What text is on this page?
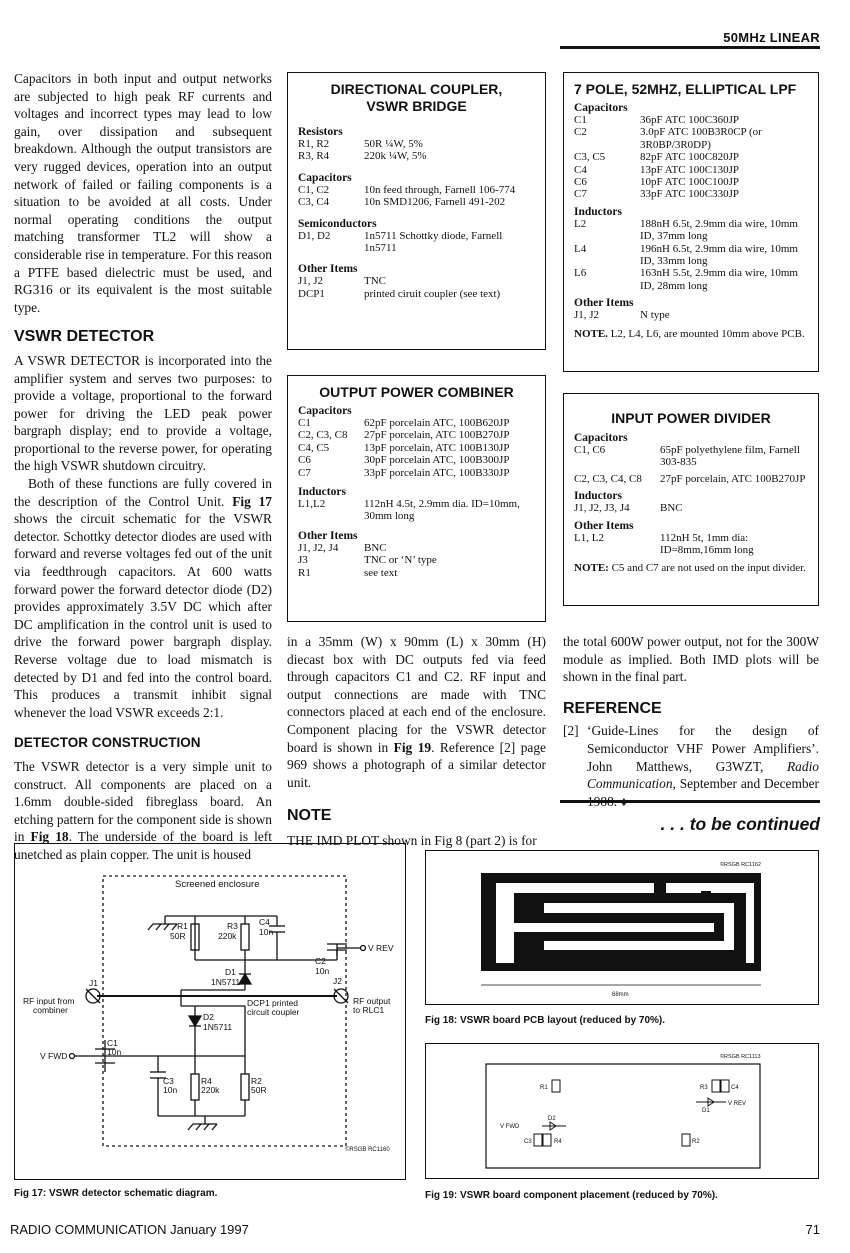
50MHz LINEAR

Capacitors in both input and output networks are subjected to high peak RF currents and voltages and incorrect types may lead to low gain, over dissipation and subsequent breakdown. Although the output transistors are very rugged devices, operation into an output network of failed or failing components is a situation to be avoided at all costs. Under normal operating conditions the output matching transformer TL2 will show a considerable rise in temperature. For this reason a PTFE based dielectric must be used, and RG316 or its equivalent is the most suitable type.

VSWR DETECTOR

A VSWR DETECTOR is incorporated into the amplifier system and serves two purposes: to provide a voltage, proportional to the forward power for driving the LED peak power bargraph display; end to provide a voltage, proportional to the reverse power, for operating the high VSWR shutdown circuitry.

Both of these functions are fully covered in the description of the Control Unit. Fig 17 shows the circuit schematic for the VSWR detector. Schottky detector diodes are used with forward and reverse voltages fed out of the unit via feedthrough capacitors. At 600 watts forward power the forward detector diode (D2) provides approximately 3.5V DC which after DC amplification in the control unit is used to drive the forward power bargraph display. Reverse voltage due to load mismatch is detected by D1 and fed into the control board. This produces a transmit inhibit signal whenever the load VSWR exceeds 2:1.

DETECTOR CONSTRUCTION

The VSWR detector is a very simple unit to construct. All components are placed on a 1.6mm double-sided fibreglass board. An etching pattern for the component side is shown in Fig 18. The underside of the board is left unetched as plain copper. The unit is housed

DIRECTIONAL COUPLER,
VSWR BRIDGE
Resistors
R1, R2	50R ¼W, 5%
R3, R4	220k ¼W, 5%
Capacitors
C1, C2	10n feed through, Farnell 106-774
C3, C4	10n SMD1206, Farnell 491-202
Semiconductors
D1, D2	1n5711 Schottky diode, Farnell 1n5711
Other Items
J1, J2	TNC
DCP1	printed ciruit coupler (see text)
7 POLE, 52MHZ, ELLIPTICAL LPF
Capacitors
C1	36pF ATC 100C360JP
C2	3.0pF ATC 100B3R0CP (or 3R0BP/3R0DP)
C3, C5	82pF ATC 100C820JP
C4	13pF ATC 100C130JP
C6	10pF ATC 100C100JP
C7	33pF ATC 100C330JP
Inductors
L2	188nH 6.5t, 2.9mm dia wire, 10mm ID, 37mm long
L4	196nH 6.5t, 2.9mm dia wire, 10mm ID, 33mm long
L6	163nH 5.5t, 2.9mm dia wire, 10mm ID, 28mm long
Other Items
J1, J2	N type
NOTE. L2, L4, L6, are mounted 10mm above PCB.
OUTPUT POWER COMBINER
Capacitors
C1	62pF porcelain ATC, 100B620JP
C2, C3, C8	27pF porcelain, ATC 100B270JP
C4, C5	13pF porcelain, ATC 100B130JP
C6	30pF porcelain ATC, 100B300JP
C7	33pF porcelain ATC, 100B330JP
Inductors
L1,L2	112nH 4.5t, 2.9mm dia. ID=10mm, 30mm long
Other Items
J1, J2, J4	BNC
J3	TNC or ‘N’ type
R1	see text
INPUT POWER DIVIDER
Capacitors
C1, C6	65pF polyethylene film, Farnell 303-835
C2, C3, C4, C8	27pF porcelain, ATC 100B270JP
Inductors
J1, J2, J3, J4	BNC
Other Items
L1, L2	112nH 5t, 1mm dia: ID=8mm,16mm long
NOTE: C5 and C7 are not used on the input divider.

in a 35mm (W) x 90mm (L) x 30mm (H) diecast box with DC outputs fed via feed through capacitors C1 and C2. RF input and output connections are made with TNC connectors placed at each end of the enclosure. Component placing for the VSWR detector board is shown in Fig 19. Reference [2] page 969 shows a photograph of a similar detector unit.

NOTE

THE IMD PLOT shown in Fig 8 (part 2) is for

the total 600W power output, not for the 300W module as implied. Both IMD plots will be shown in the final part.

REFERENCE
[2] ‘Guide-Lines for the design of Semiconductor VHF Power Amplifiers’. John Matthews, G3WZT, Radio Communication, September and December
. . . to be continued
Screened enclosure
RF input from
combiner
J1	J2
RF output
to RLC1
V REV
V FWD
R1
50R
R3
220k
C4
10n
C2
10n
D1
1N5711
DCP1 printed
circuit coupler
D2
1N5711
C1
10n
C3
10n
R4
220k
R2
50R
©RSGB RC1160
Fig 17: VSWR detector schematic diagram.
68mm
©RSGB RC1162
Fig 18: VSWR board PCB layout (reduced by 70%).
R1	R3	C4
D1
V REV
V FWD
D2
C3	R4	R2
©RSGB RC1113
Fig 19: VSWR board component placement (reduced by 70%).
RADIO COMMUNICATION January 1997	71
